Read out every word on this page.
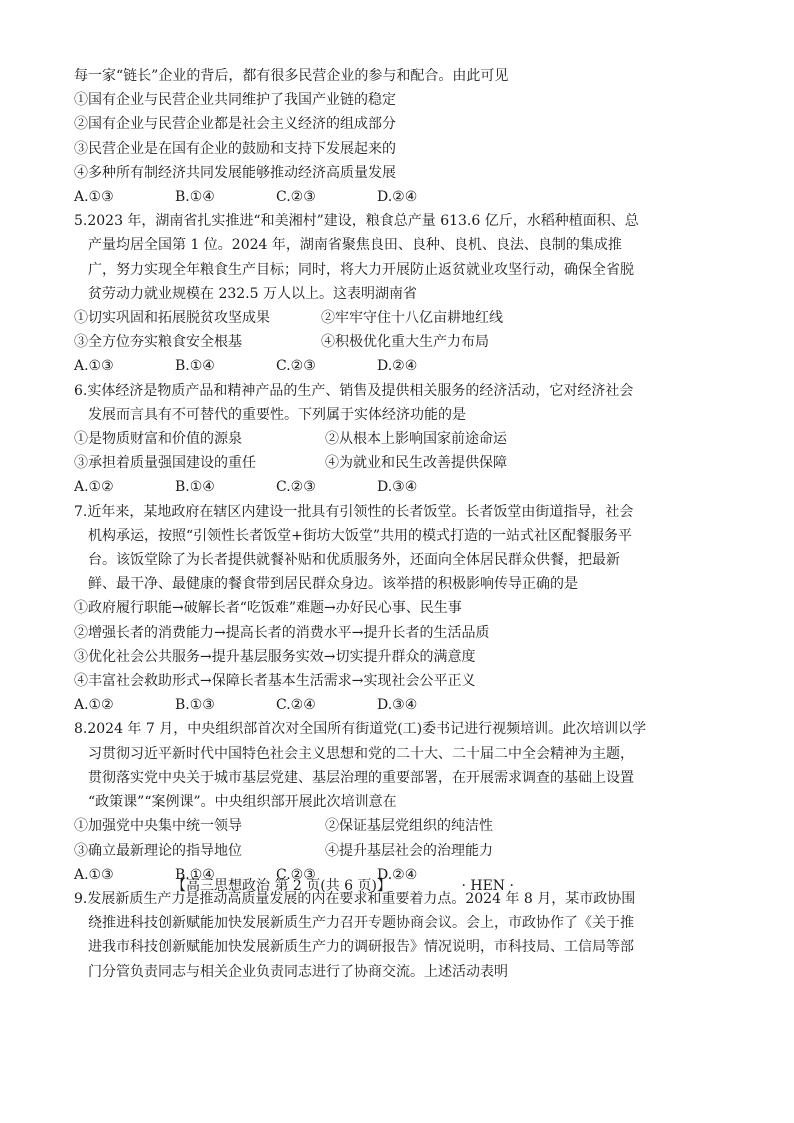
每一家“链长”企业的背后，都有很多民营企业的参与和配合。由此可见
①国有企业与民营企业共同维护了我国产业链的稳定
②国有企业与民营企业都是社会主义经济的组成部分
③民营企业是在国有企业的鼓励和支持下发展起来的
④多种所有制经济共同发展能够推动经济高质量发展
A.①③	B.①④	C.②③	D.②④
5.2023 年，湖南省扎实推进“和美湘村”建设，粮食总产量 613.6 亿斤，水稻种植面积、总
产量均居全国第 1 位。2024 年，湖南省聚焦良田、良种、良机、良法、良制的集成推
广，努力实现全年粮食生产目标；同时，将大力开展防止返贫就业攻坚行动，确保全省脱
贫劳动力就业规模在 232.5 万人以上。这表明湖南省
①切实巩固和拓展脱贫攻坚成果	②牢牢守住十八亿亩耕地红线
③全方位夯实粮食安全根基	④积极优化重大生产力布局
A.①③	B.①④	C.②③	D.②④
6.实体经济是物质产品和精神产品的生产、销售及提供相关服务的经济活动，它对经济社会
发展而言具有不可替代的重要性。下列属于实体经济功能的是
①是物质财富和价值的源泉	②从根本上影响国家前途命运
③承担着质量强国建设的重任	④为就业和民生改善提供保障
A.①②	B.①④	C.②③	D.③④
7.近年来，某地政府在辖区内建设一批具有引领性的长者饭堂。长者饭堂由街道指导，社会
机构承运，按照“引领性长者饭堂+街坊大饭堂”共用的模式打造的一站式社区配餐服务平
台。该饭堂除了为长者提供就餐补贴和优质服务外，还面向全体居民群众供餐，把最新
鲜、最干净、最健康的餐食带到居民群众身边。该举措的积极影响传导正确的是
①政府履行职能→破解长者“吃饭难”难题→办好民心事、民生事
②增强长者的消费能力→提高长者的消费水平→提升长者的生活品质
③优化社会公共服务→提升基层服务实效→切实提升群众的满意度
④丰富社会救助形式→保障长者基本生活需求→实现社会公平正义
A.①②	B.①③	C.②④	D.③④
8.2024 年 7 月，中央组织部首次对全国所有街道党(工)委书记进行视频培训。此次培训以学
习贯彻习近平新时代中国特色社会主义思想和党的二十大、二十届二中全会精神为主题，
贯彻落实党中央关于城市基层党建、基层治理的重要部署，在开展需求调查的基础上设置
“政策课”“案例课”。中央组织部开展此次培训意在
①加强党中央集中统一领导	②保证基层党组织的纯洁性
③确立最新理论的指导地位	④提升基层社会的治理能力
A.①③	B.①④	C.②③	D.②④
9.发展新质生产力是推动高质量发展的内在要求和重要着力点。2024 年 8 月，某市政协围
绕推进科技创新赋能加快发展新质生产力召开专题协商会议。会上，市政协作了《关于推
进我市科技创新赋能加快发展新质生产力的调研报告》情况说明，市科技局、工信局等部
门分管负责同志与相关企业负责同志进行了协商交流。上述活动表明
【高三思想政治 第 2 页(共 6 页)】	· HEN ·
